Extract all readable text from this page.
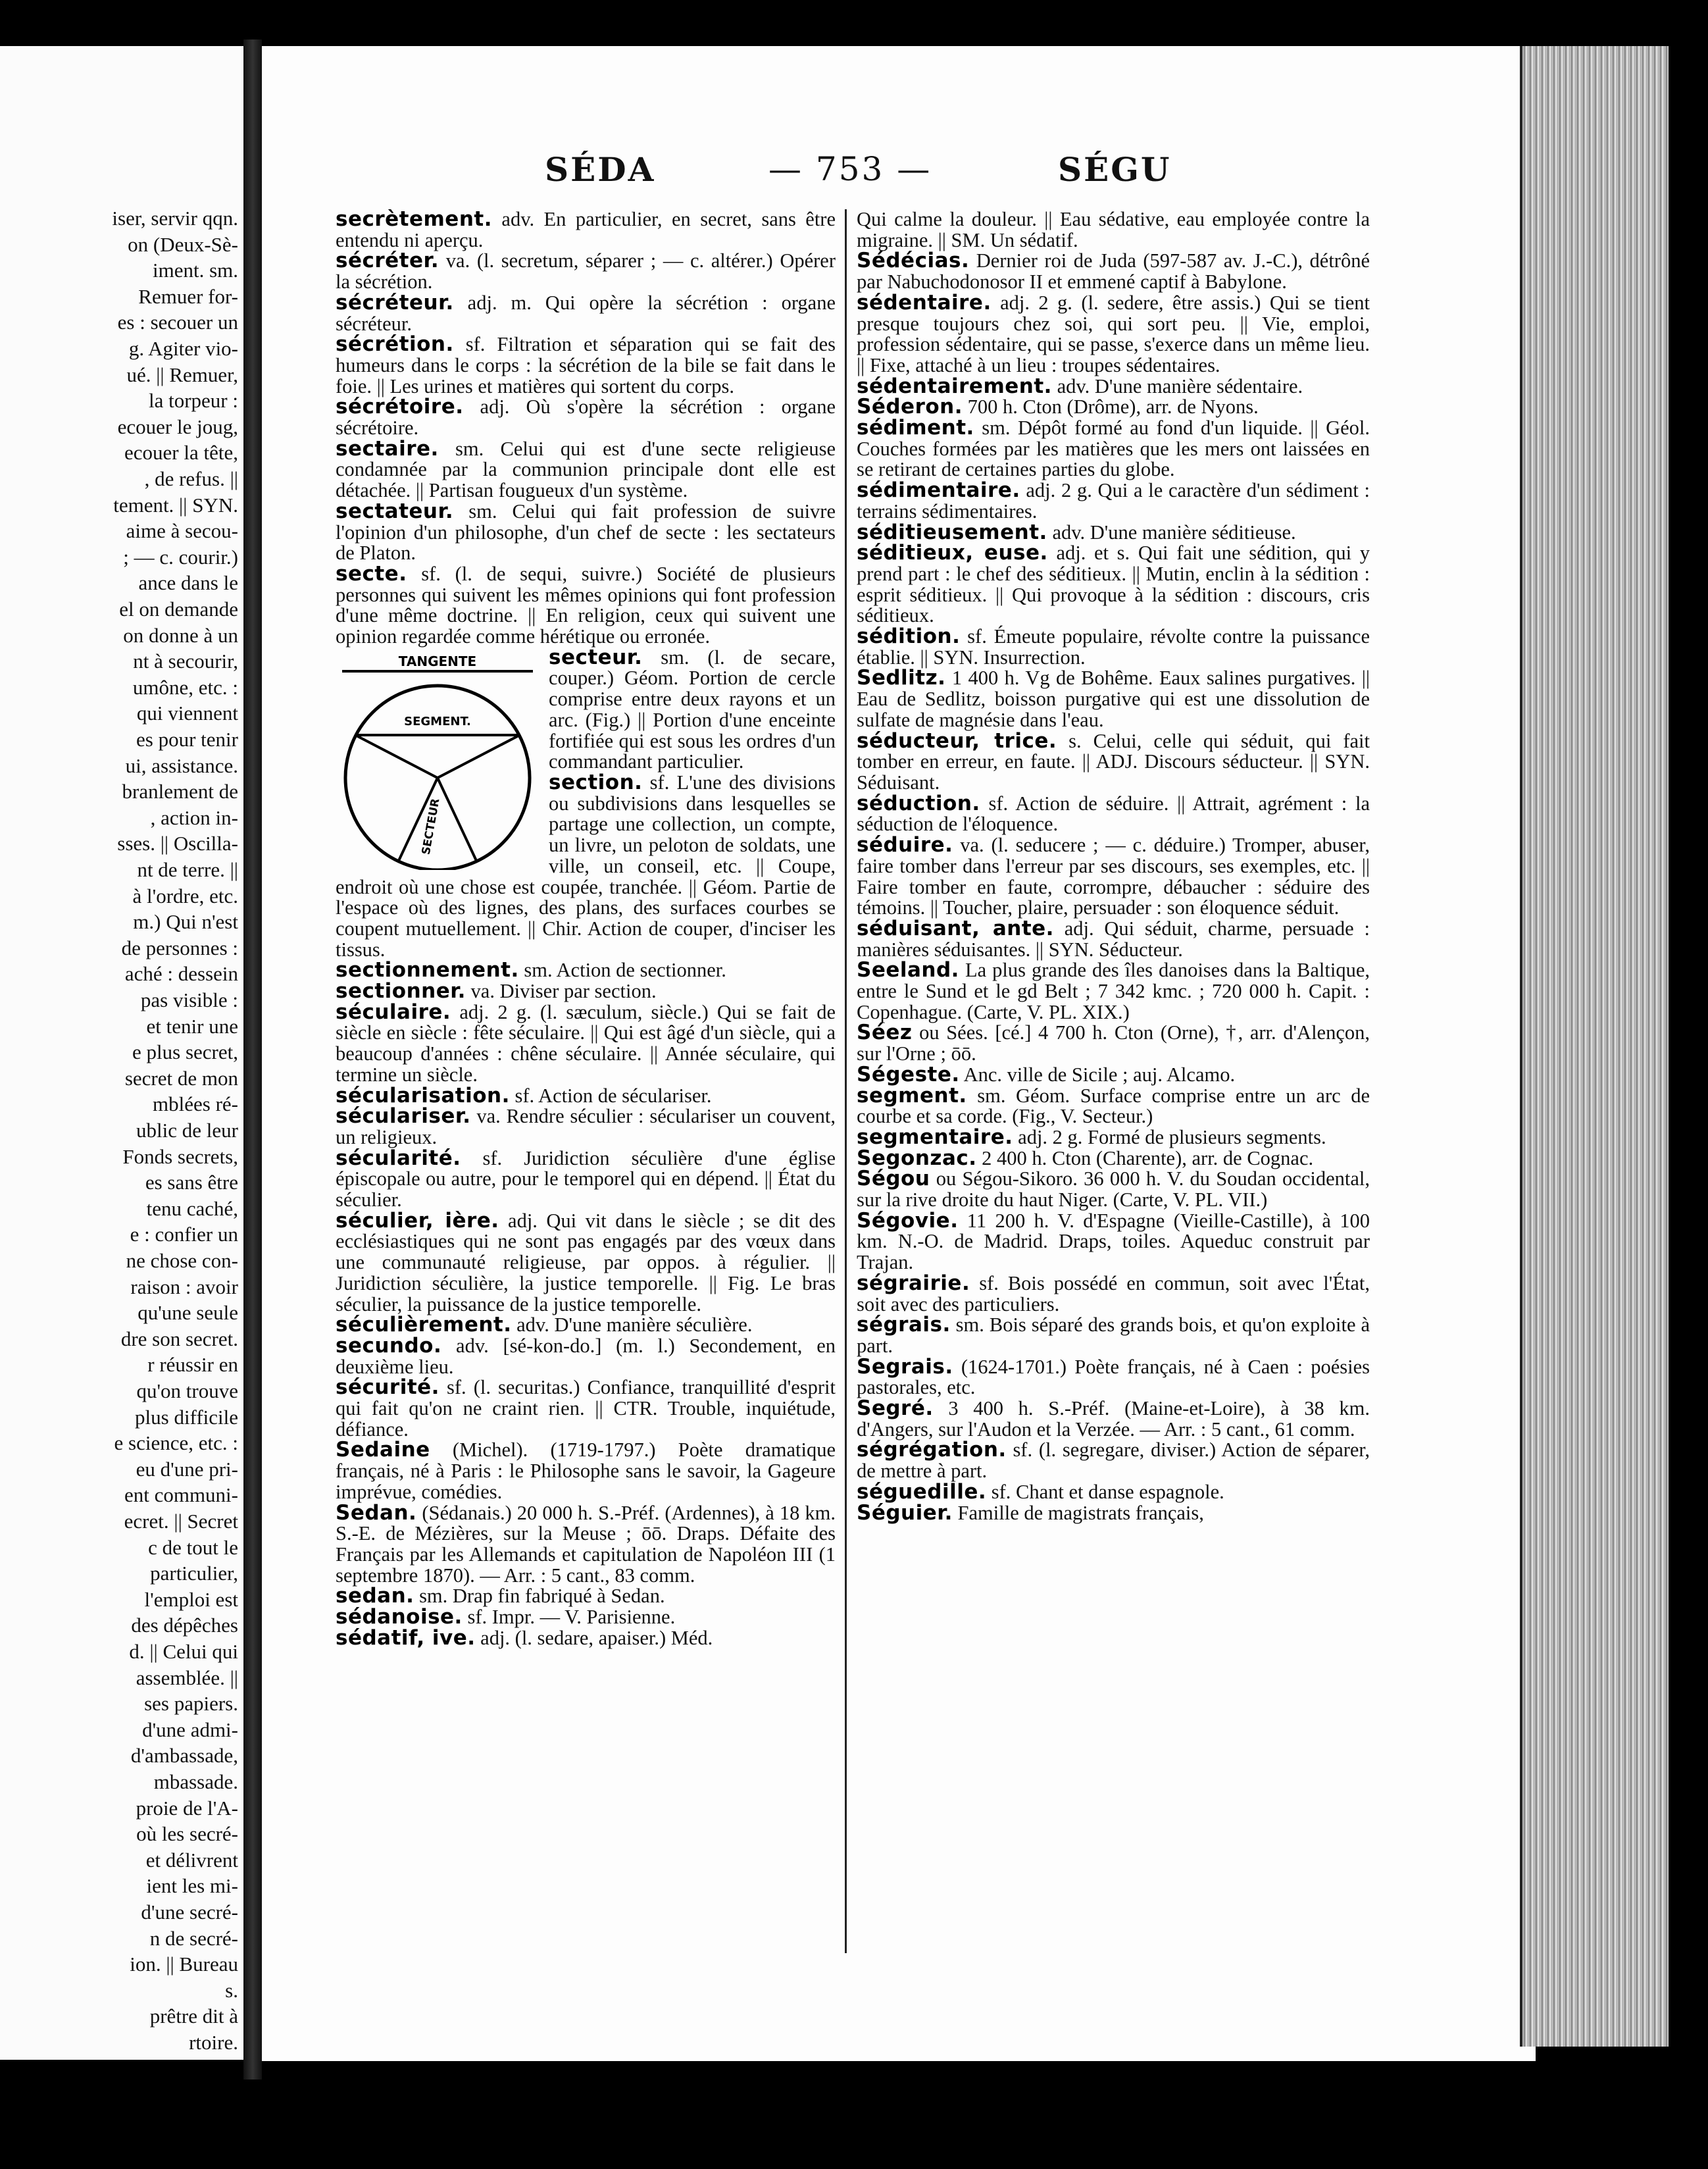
iser, servir qqn.
on (Deux-Sè-
iment. sm.
Remuer for-
es : secouer un
g. Agiter vio-
ué. || Remuer,
la torpeur :
ecouer le joug,
ecouer la tête,
, de refus. ||
tement. || SYN.
aime à secou-
; — c. courir.)
ance dans le
el on demande
on donne à un
nt à secourir,
umône, etc. :
qui viennent
es pour tenir
ui, assistance.
branlement de
, action in-
sses. || Oscilla-
nt de terre. ||
à l'ordre, etc.
m.) Qui n'est
de personnes :
aché : dessein
pas visible :
et tenir une
e plus secret,
secret de mon
mblées ré-
ublic de leur
Fonds secrets,
es sans être
tenu caché,
e : confier un
ne chose con-
raison : avoir
qu'une seule
dre son secret.
r réussir en
qu'on trouve
plus difficile
e science, etc. :
eu d'une pri-
ent communi-
ecret. || Secret
c de tout le
particulier,
l'emploi est
des dépêches
d. || Celui qui
assemblée. ||
ses papiers.
d'une admi-
d'ambassade,
mbassade.
proie de l'A-
où les secré-
et délivrent
ient les mi-
d'une secré-
n de secré-
ion. || Bureau
s.
prêtre dit à
rtoire.
SÉDA	— 753 —	SÉGU

secrètement. adv. En particulier, en secret, sans être entendu ni aperçu.

sécréter. va. (l. secretum, séparer ; — c. altérer.) Opérer la sécrétion.

sécréteur. adj. m. Qui opère la sécrétion : organe sécréteur.

sécrétion. sf. Filtration et séparation qui se fait des humeurs dans le corps : la sécrétion de la bile se fait dans le foie. || Les urines et matières qui sortent du corps.

sécrétoire. adj. Où s'opère la sécrétion : organe sécrétoire.

sectaire. sm. Celui qui est d'une secte religieuse condamnée par la communion principale dont elle est détachée. || Partisan fougueux d'un système.

sectateur. sm. Celui qui fait profession de suivre l'opinion d'un philosophe, d'un chef de secte : les sectateurs de Platon.

secte. sf. (l. de sequi, suivre.) Société de plusieurs personnes qui suivent les mêmes opinions qui font profession d'une même doctrine. || En religion, ceux qui suivent une opinion regardée comme hérétique ou erronée.

TANGENTE
SEGMENT.
SECTEUR
secteur. sm. (l. de secare, couper.) Géom. Portion de cercle comprise entre deux rayons et un arc. (Fig.) || Portion d'une enceinte fortifiée qui est sous les ordres d'un commandant particulier.

section. sf. L'une des divisions ou subdivisions dans lesquelles se partage une collection, un compte, un livre, un peloton de soldats, une ville, un conseil, etc. || Coupe, endroit où une chose est coupée, tranchée. || Géom. Partie de l'espace où des lignes, des plans, des surfaces courbes se coupent mutuellement. || Chir. Action de couper, d'inciser les tissus.

sectionnement. sm. Action de sectionner.

sectionner. va. Diviser par section.

séculaire. adj. 2 g. (l. sæculum, siècle.) Qui se fait de siècle en siècle : fête séculaire. || Qui est âgé d'un siècle, qui a beaucoup d'années : chêne séculaire. || Année séculaire, qui termine un siècle.

sécularisation. sf. Action de séculariser.

séculariser. va. Rendre séculier : séculariser un couvent, un religieux.

sécularité. sf. Juridiction séculière d'une église épiscopale ou autre, pour le temporel qui en dépend. || État du séculier.

séculier, ière. adj. Qui vit dans le siècle ; se dit des ecclésiastiques qui ne sont pas engagés par des vœux dans une communauté religieuse, par oppos. à régulier. || Juridiction séculière, la justice temporelle. || Fig. Le bras séculier, la puissance de la justice temporelle.

séculièrement. adv. D'une manière séculière.

secundo. adv. [sé-kon-do.] (m. l.) Secondement, en deuxième lieu.

sécurité. sf. (l. securitas.) Confiance, tranquillité d'esprit qui fait qu'on ne craint rien. || CTR. Trouble, inquiétude, défiance.

Sedaine (Michel). (1719-1797.) Poète dramatique français, né à Paris : le Philosophe sans le savoir, la Gageure imprévue, comédies.

Sedan. (Sédanais.) 20 000 h. S.-Préf. (Ardennes), à 18 km. S.-E. de Mézières, sur la Meuse ; ōō. Draps. Défaite des Français par les Allemands et capitulation de Napoléon III (1 septembre 1870). — Arr. : 5 cant., 83 comm.

sedan. sm. Drap fin fabriqué à Sedan.

sédanoise. sf. Impr. — V. Parisienne.

sédatif, ive. adj. (l. sedare, apaiser.) Méd.

Qui calme la douleur. || Eau sédative, eau employée contre la migraine. || SM. Un sédatif.

Sédécias. Dernier roi de Juda (597-587 av. J.-C.), détrôné par Nabuchodonosor II et emmené captif à Babylone.

sédentaire. adj. 2 g. (l. sedere, être assis.) Qui se tient presque toujours chez soi, qui sort peu. || Vie, emploi, profession sédentaire, qui se passe, s'exerce dans un même lieu. || Fixe, attaché à un lieu : troupes sédentaires.

sédentairement. adv. D'une manière sédentaire.

Séderon. 700 h. Cton (Drôme), arr. de Nyons.

sédiment. sm. Dépôt formé au fond d'un liquide. || Géol. Couches formées par les matières que les mers ont laissées en se retirant de certaines parties du globe.

sédimentaire. adj. 2 g. Qui a le caractère d'un sédiment : terrains sédimentaires.

séditieusement. adv. D'une manière séditieuse.

séditieux, euse. adj. et s. Qui fait une sédition, qui y prend part : le chef des séditieux. || Mutin, enclin à la sédition : esprit séditieux. || Qui provoque à la sédition : discours, cris séditieux.

sédition. sf. Émeute populaire, révolte contre la puissance établie. || SYN. Insurrection.

Sedlitz. 1 400 h. Vg de Bohême. Eaux salines purgatives. || Eau de Sedlitz, boisson purgative qui est une dissolution de sulfate de magnésie dans l'eau.

séducteur, trice. s. Celui, celle qui séduit, qui fait tomber en erreur, en faute. || ADJ. Discours séducteur. || SYN. Séduisant.

séduction. sf. Action de séduire. || Attrait, agrément : la séduction de l'éloquence.

séduire. va. (l. seducere ; — c. déduire.) Tromper, abuser, faire tomber dans l'erreur par ses discours, ses exemples, etc. || Faire tomber en faute, corrompre, débaucher : séduire des témoins. || Toucher, plaire, persuader : son éloquence séduit.

séduisant, ante. adj. Qui séduit, charme, persuade : manières séduisantes. || SYN. Séducteur.

Seeland. La plus grande des îles danoises dans la Baltique, entre le Sund et le gd Belt ; 7 342 kmc. ; 720 000 h. Capit. : Copenhague. (Carte, V. PL. XIX.)

Séez ou Sées. [cé.] 4 700 h. Cton (Orne), †, arr. d'Alençon, sur l'Orne ; ōō.

Ségeste. Anc. ville de Sicile ; auj. Alcamo.

segment. sm. Géom. Surface comprise entre un arc de courbe et sa corde. (Fig., V. Secteur.)

segmentaire. adj. 2 g. Formé de plusieurs segments.

Segonzac. 2 400 h. Cton (Charente), arr. de Cognac.

Ségou ou Ségou-Sikoro. 36 000 h. V. du Soudan occidental, sur la rive droite du haut Niger. (Carte, V. PL. VII.)

Ségovie. 11 200 h. V. d'Espagne (Vieille-Castille), à 100 km. N.-O. de Madrid. Draps, toiles. Aqueduc construit par Trajan.

ségrairie. sf. Bois possédé en commun, soit avec l'État, soit avec des particuliers.

ségrais. sm. Bois séparé des grands bois, et qu'on exploite à part.

Segrais. (1624-1701.) Poète français, né à Caen : poésies pastorales, etc.

Segré. 3 400 h. S.-Préf. (Maine-et-Loire), à 38 km. d'Angers, sur l'Audon et la Verzée. — Arr. : 5 cant., 61 comm.

ségrégation. sf. (l. segregare, diviser.) Action de séparer, de mettre à part.

séguedille. sf. Chant et danse espagnole.

Séguier. Famille de magistrats français,
